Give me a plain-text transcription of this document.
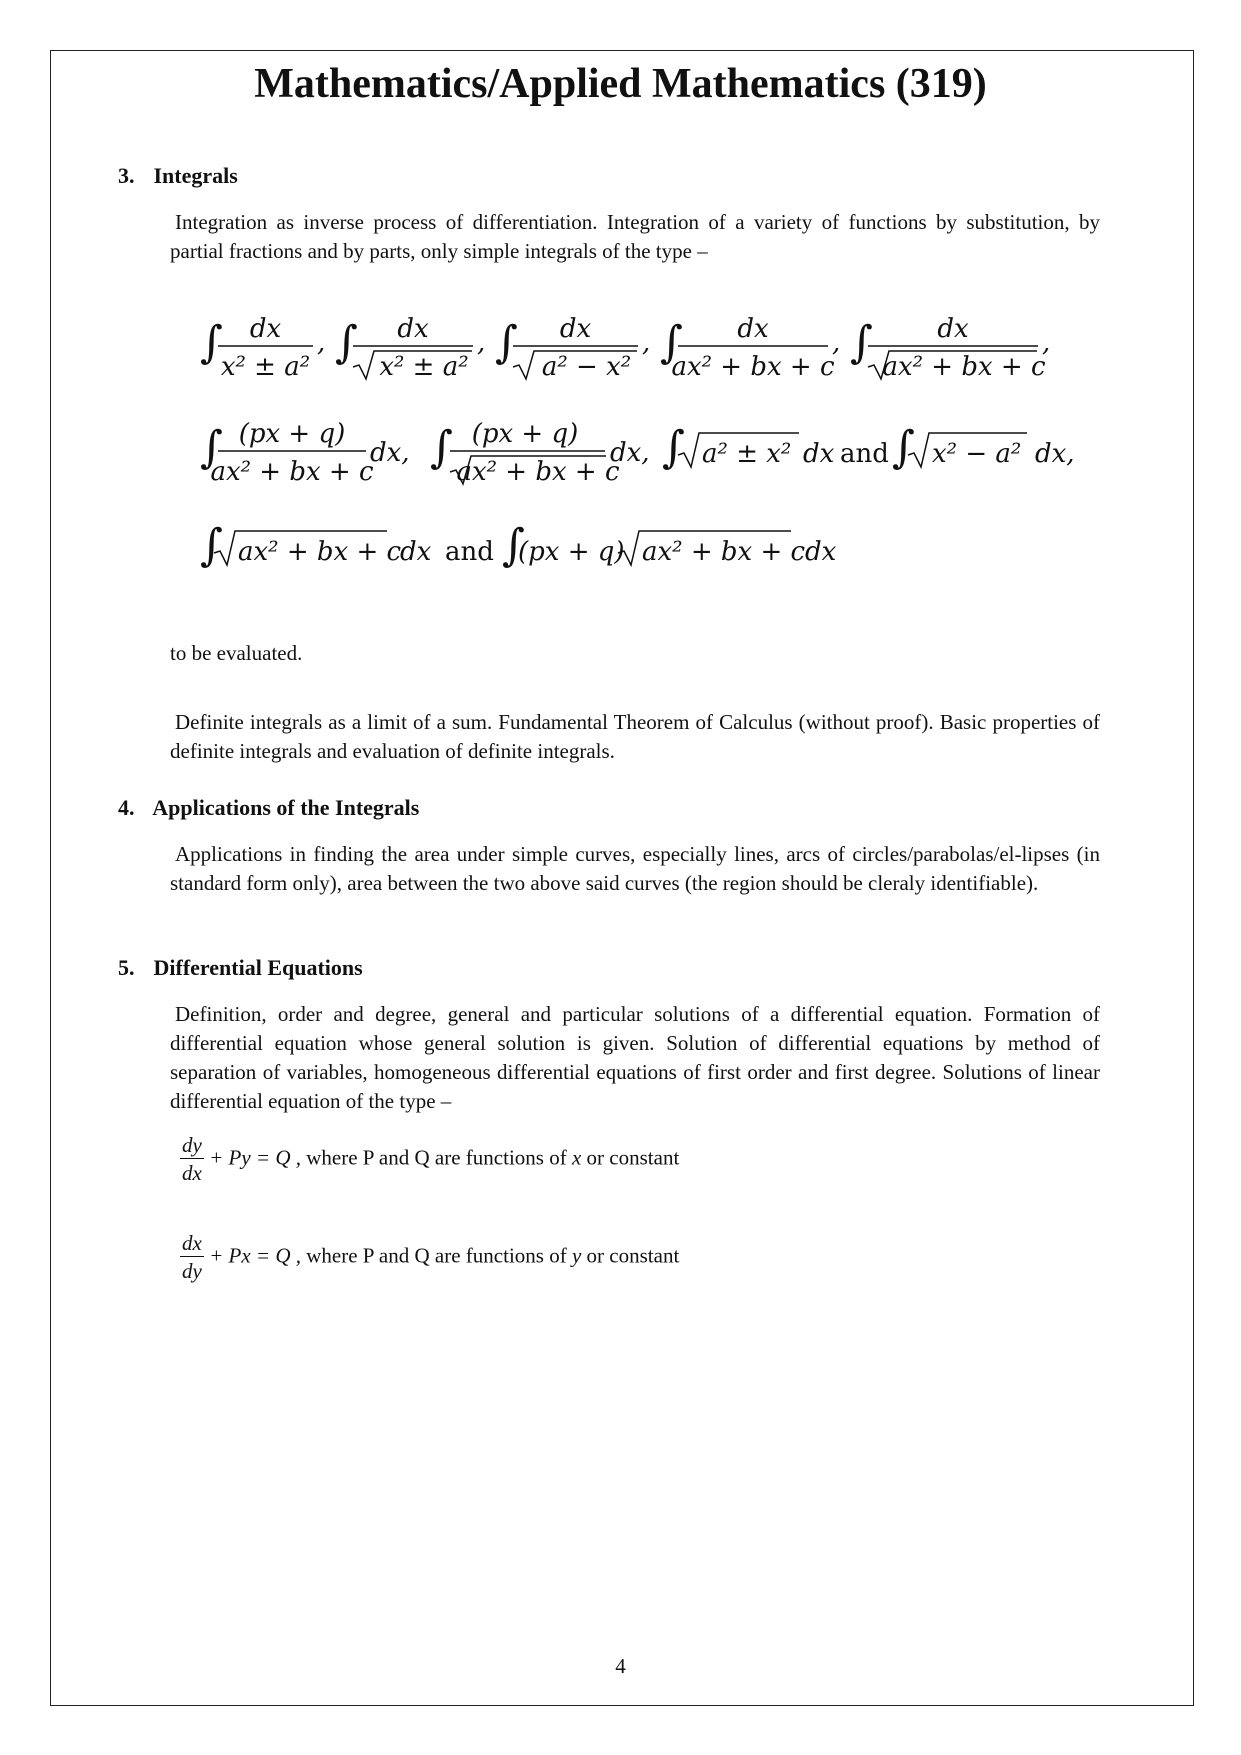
Mathematics/Applied Mathematics (319)
3. Integrals

Integration as inverse process of differentiation. Integration of a variety of functions by substitution, by partial fractions and by parts, only simple integrals of the type –

∫ dx
x² ± a²
, ∫ dx
x² ± a²
, ∫ dx
a² − x²
, ∫ dx
ax² + bx + c
, ∫ dx
ax² + bx + c
,
∫ (px + q)
ax² + bx + c
dx, ∫ (px + q)
ax² + bx + c
dx, ∫ a² ± x² dx and ∫ x² − a² dx,
∫ ax² + bx + c
dx and ∫
(px + q) ax² + bx + c dx

to be evaluated.

Definite integrals as a limit of a sum. Fundamental Theorem of Calculus (without proof). Basic properties of definite integrals and evaluation of definite integrals.

4. Applications of the Integrals

Applications in finding the area under simple curves, especially lines, arcs of circles/parabolas/el-lipses (in standard form only), area between the two above said curves (the region should be cleraly identifiable).

5. Differential Equations

Definition, order and degree, general and particular solutions of a differential equation. Formation of differential equation whose general solution is given. Solution of differential equations by method of separation of variables, homogeneous differential equations of first order and first degree. Solutions of linear differential equation of the type –

$\frac{dy}{dx} + Py = Q$ , where P and Q are functions of x or constant
$\frac{dx}{dy} + Px = Q$ , where P and Q are functions of y or constant
4
